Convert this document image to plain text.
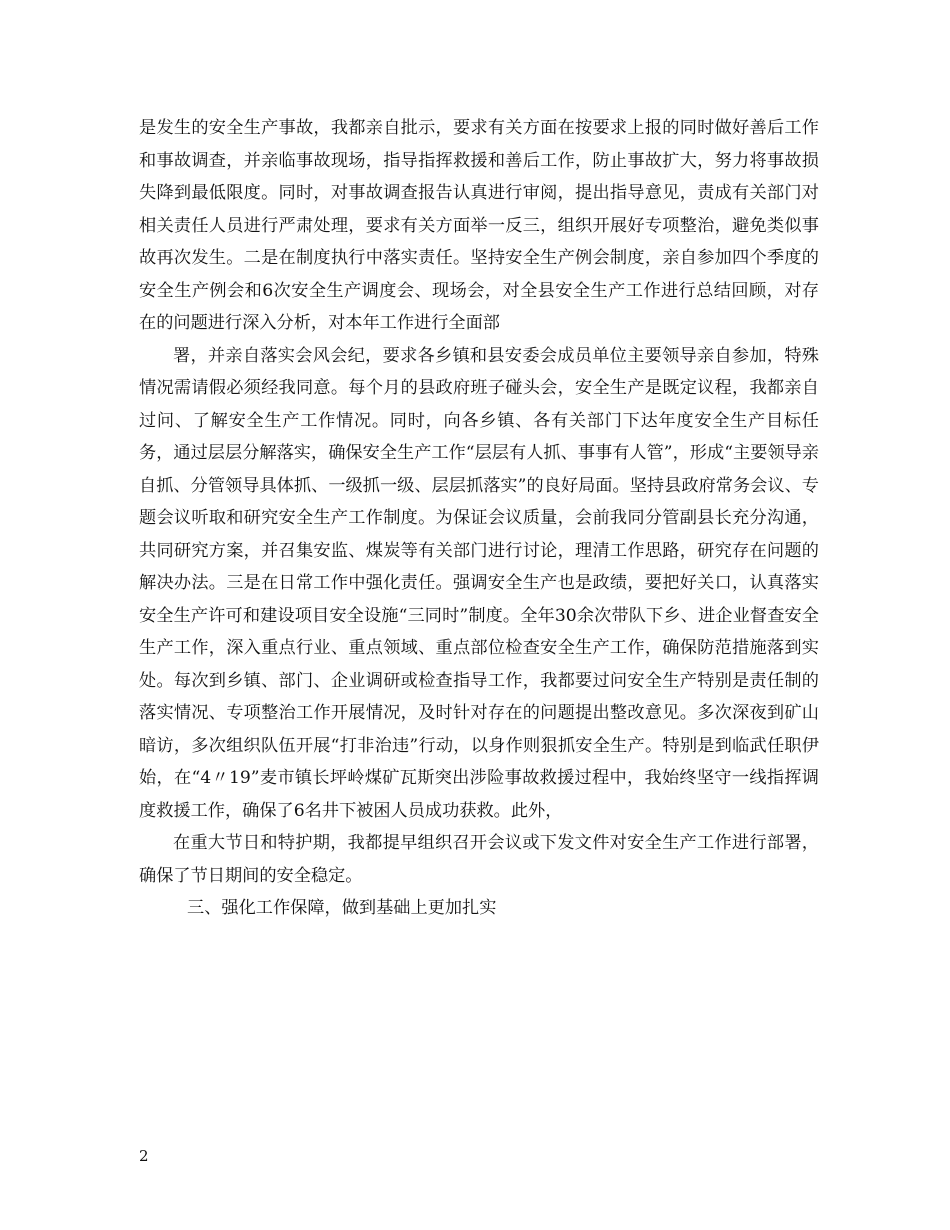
是发生的安全生产事故，我都亲自批示，要求有关方面在按要求上报的同时做好善后工作和事故调查，并亲临事故现场，指导指挥救援和善后工作，防止事故扩大，努力将事故损失降到最低限度。同时，对事故调查报告认真进行审阅，提出指导意见，责成有关部门对相关责任人员进行严肃处理，要求有关方面举一反三，组织开展好专项整治，避免类似事故再次发生。二是在制度执行中落实责任。坚持安全生产例会制度，亲自参加四个季度的安全生产例会和6次安全生产调度会、现场会，对全县安全生产工作进行总结回顾，对存在的问题进行深入分析，对本年工作进行全面部

署，并亲自落实会风会纪，要求各乡镇和县安委会成员单位主要领导亲自参加，特殊情况需请假必须经我同意。每个月的县政府班子碰头会，安全生产是既定议程，我都亲自过问、了解安全生产工作情况。同时，向各乡镇、各有关部门下达年度安全生产目标任务，通过层层分解落实，确保安全生产工作“层层有人抓、事事有人管”，形成“主要领导亲自抓、分管领导具体抓、一级抓一级、层层抓落实”的良好局面。坚持县政府常务会议、专题会议听取和研究安全生产工作制度。为保证会议质量，会前我同分管副县长充分沟通，共同研究方案，并召集安监、煤炭等有关部门进行讨论，理清工作思路，研究存在问题的解决办法。三是在日常工作中强化责任。强调安全生产也是政绩，要把好关口，认真落实安全生产许可和建设项目安全设施“三同时”制度。全年30余次带队下乡、进企业督查安全生产工作，深入重点行业、重点领域、重点部位检查安全生产工作，确保防范措施落到实处。每次到乡镇、部门、企业调研或检查指导工作，我都要过问安全生产特别是责任制的落实情况、专项整治工作开展情况，及时针对存在的问题提出整改意见。多次深夜到矿山暗访，多次组织队伍开展“打非治违”行动，以身作则狠抓安全生产。特别是到临武任职伊始，在“4〃19”麦市镇长坪岭煤矿瓦斯突出涉险事故救援过程中，我始终坚守一线指挥调度救援工作，确保了6名井下被困人员成功获救。此外，

在重大节日和特护期，我都提早组织召开会议或下发文件对安全生产工作进行部署，确保了节日期间的安全稳定。

三、强化工作保障，做到基础上更加扎实

2
